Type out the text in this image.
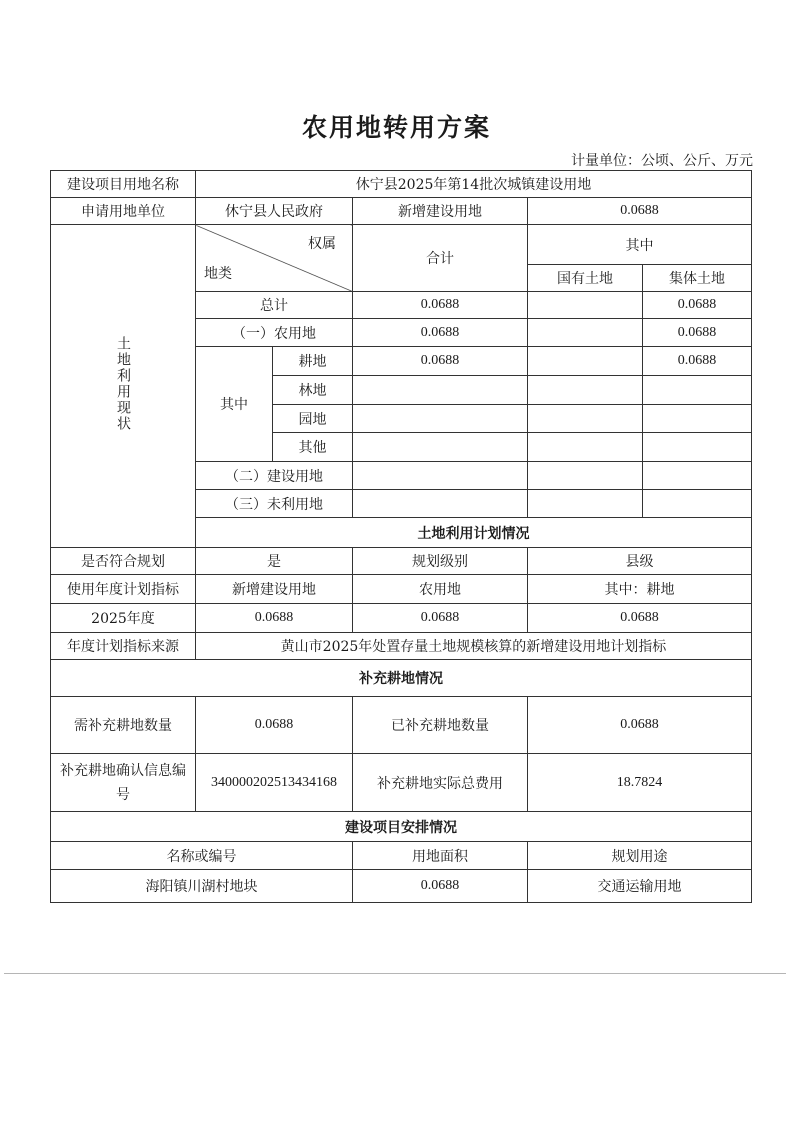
农用地转用方案
计量单位：公顷、公斤、万元
建设项目用地名称	休宁县2025年第14批次城镇建设用地				
申请用地单位	休宁县人民政府		新增建设用地	0.0688	
土地利用现状	权属
地类		合计	其中	
				国有土地	集体土地
	总计		0.0688		0.0688
	（一）农用地		0.0688		0.0688
	其中	耕地	0.0688		0.0688
		林地			
		园地			
		其他			
	（二）建设用地				
	（三）未利用地				
	土地利用计划情况				
是否符合规划	是		规划级别	县级	
使用年度计划指标	新增建设用地		农用地	其中：耕地	
2025年度	0.0688		0.0688	0.0688	
年度计划指标来源	黄山市2025年处置存量土地规模核算的新增建设用地计划指标				
补充耕地情况					
需补充耕地数量	0.0688		已补充耕地数量	0.0688	
补充耕地确认信息编号	340000202513434168		补充耕地实际总费用	18.7824	
建设项目安排情况					
名称或编号			用地面积	规划用途	
海阳镇川湖村地块			0.0688	交通运输用地	
